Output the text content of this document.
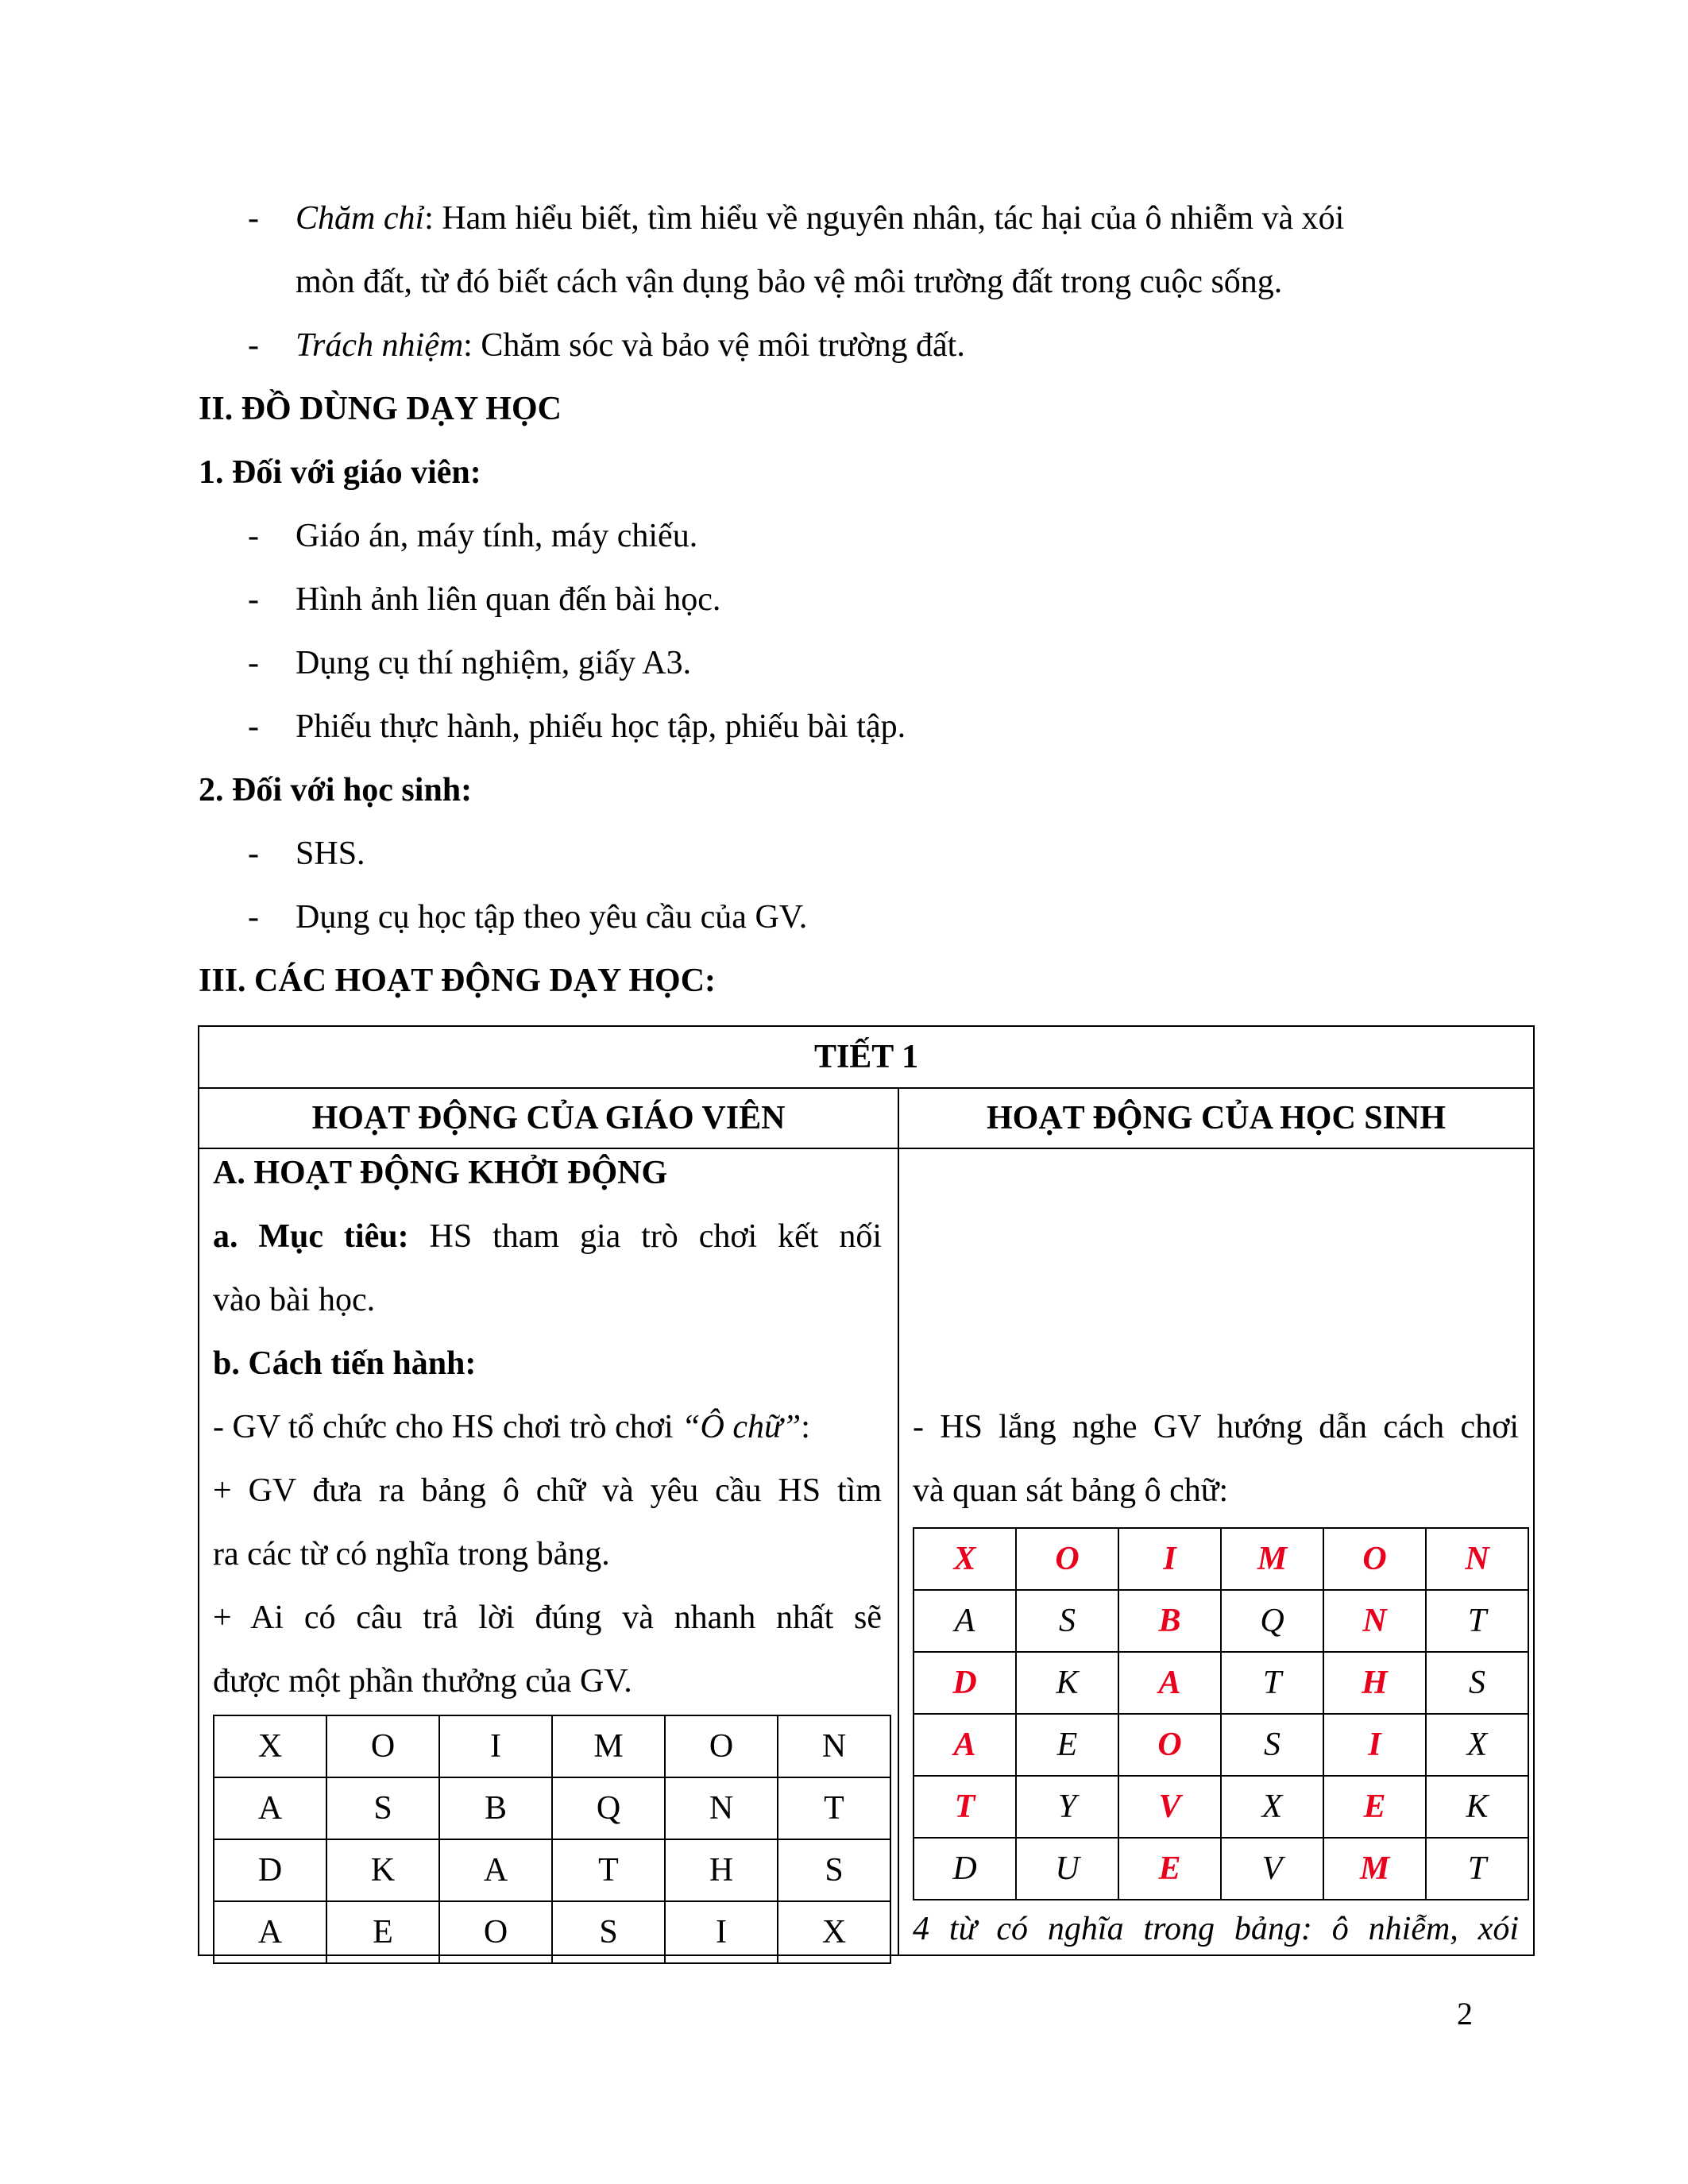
- Chăm chỉ: Ham hiểu biết, tìm hiểu về nguyên nhân, tác hại của ô nhiễm và xói
mòn đất, từ đó biết cách vận dụng bảo vệ môi trường đất trong cuộc sống.
- Trách nhiệm: Chăm sóc và bảo vệ môi trường đất.
II. ĐỒ DÙNG DẠY HỌC
1. Đối với giáo viên:
- Giáo án, máy tính, máy chiếu.
- Hình ảnh liên quan đến bài học.
- Dụng cụ thí nghiệm, giấy A3.
- Phiếu thực hành, phiếu học tập, phiếu bài tập.
2. Đối với học sinh:
- SHS.
- Dụng cụ học tập theo yêu cầu của GV.
III. CÁC HOẠT ĐỘNG DẠY HỌC:
TIẾT 1
HOẠT ĐỘNG CỦA GIÁO VIÊN	HOẠT ĐỘNG CỦA HỌC SINH

A. HOẠT ĐỘNG KHỞI ĐỘNG
a. Mục tiêu: HS tham gia trò chơi kết nối
vào bài học.
b. Cách tiến hành:
- GV tổ chức cho HS chơi trò chơi “Ô chữ”:
+ GV đưa ra bảng ô chữ và yêu cầu HS tìm
ra các từ có nghĩa trong bảng.
+ Ai có câu trả lời đúng và nhanh nhất sẽ
được một phần thưởng của GV.
X	O	I	M	O	N
A	S	B	Q	N	T
D	K	A	T	H	S
A	E	O	S	I	X

- HS lắng nghe GV hướng dẫn cách chơi
và quan sát bảng ô chữ:
X	O	I	M	O	N
A	S	B	Q	N	T
D	K	A	T	H	S
A	E	O	S	I	X
T	Y	V	X	E	K
D	U	E	V	M	T
4 từ có nghĩa trong bảng: ô nhiễm, xói
2
